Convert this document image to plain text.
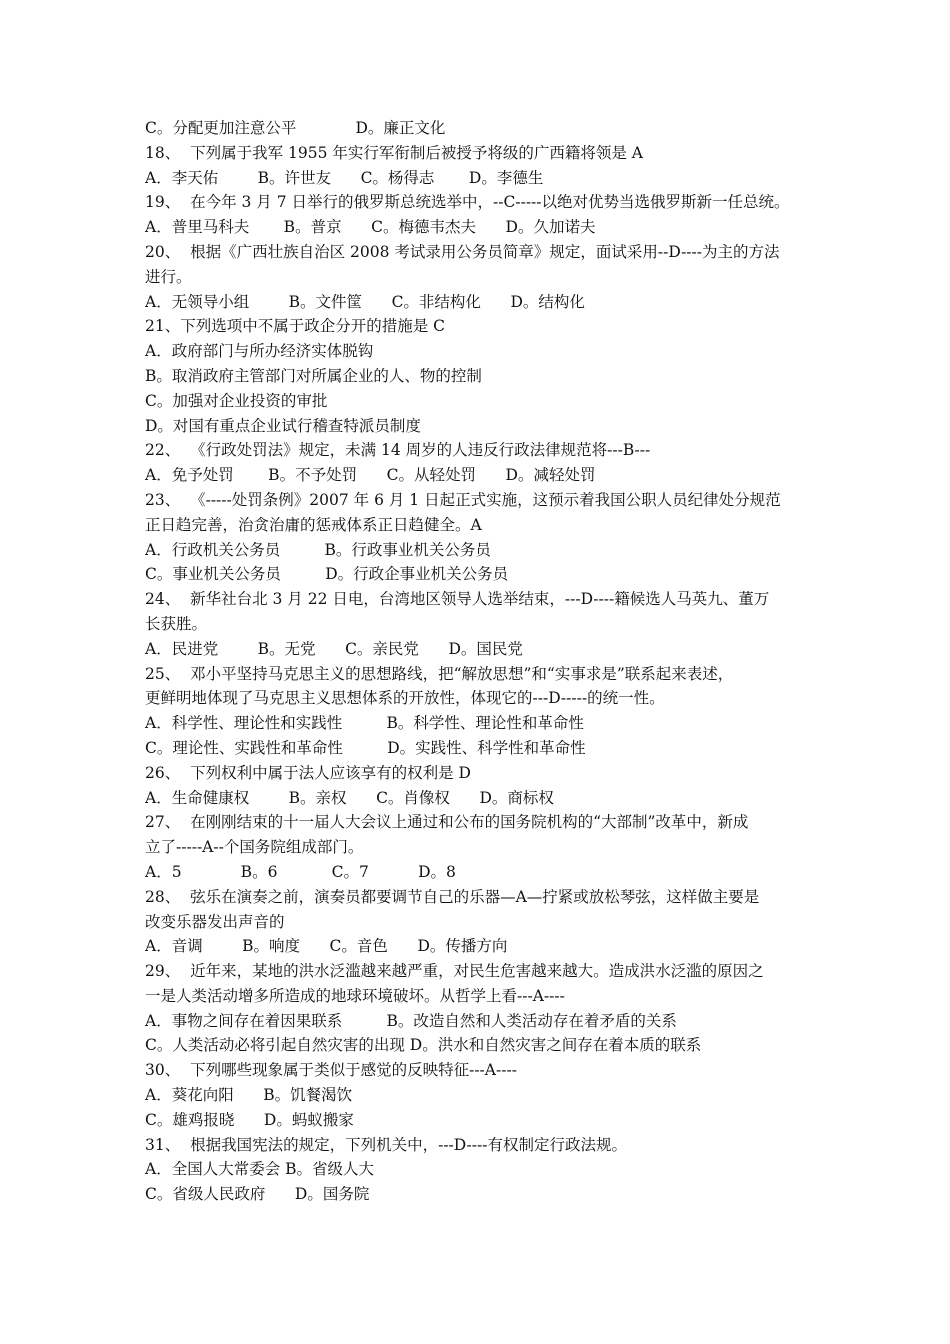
C。分配更加注意公平            D。廉正文化
18、  下列属于我军 1955 年实行军衔制后被授予将级的广西籍将领是 A
A．李天佑        B。许世友      C。杨得志       D。李德生
19、  在今年 3 月 7 日举行的俄罗斯总统选举中，--C-----以绝对优势当选俄罗斯新一任总统。
A．普里马科夫       B。普京      C。梅德韦杰夫      D。久加诺夫
20、  根据《广西壮族自治区 2008 考试录用公务员简章》规定，面试采用--D----为主的方法
进行。
A．无领导小组        B。文件筐      C。非结构化      D。结构化
21、下列选项中不属于政企分开的措施是 C
A．政府部门与所办经济实体脱钩
B。取消政府主管部门对所属企业的人、物的控制
C。加强对企业投资的审批
D。对国有重点企业试行稽查特派员制度
22、  《行政处罚法》规定，未满 14 周岁的人违反行政法律规范将---B---
A．免予处罚       B。不予处罚      C。从轻处罚      D。减轻处罚
23、  《-----处罚条例》2007 年 6 月 1 日起正式实施，这预示着我国公职人员纪律处分规范
正日趋完善，治贪治庸的惩戒体系正日趋健全。A
A．行政机关公务员         B。行政事业机关公务员
C。事业机关公务员         D。行政企事业机关公务员
24、  新华社台北 3 月 22 日电，台湾地区领导人选举结束，---D----籍候选人马英九、董万
长获胜。
A．民进党        B。无党      C。亲民党      D。国民党
25、  邓小平坚持马克思主义的思想路线，把“解放思想”和“实事求是”联系起来表述，
更鲜明地体现了马克思主义思想体系的开放性，体现它的---D-----的统一性。
A．科学性、理论性和实践性         B。科学性、理论性和革命性
C。理论性、实践性和革命性         D。实践性、科学性和革命性
26、  下列权利中属于法人应该享有的权利是 D
A．生命健康权        B。亲权      C。肖像权      D。商标权
27、  在刚刚结束的十一届人大会议上通过和公布的国务院机构的“大部制”改革中，新成
立了-----A--个国务院组成部门。
A．5            B。6           C。7          D。8
28、  弦乐在演奏之前，演奏员都要调节自己的乐器—A—拧紧或放松琴弦，这样做主要是
改变乐器发出声音的
A．音调        B。响度      C。音色      D。传播方向
29、  近年来，某地的洪水泛滥越来越严重，对民生危害越来越大。造成洪水泛滥的原因之
一是人类活动增多所造成的地球环境破坏。从哲学上看---A----
A．事物之间存在着因果联系         B。改造自然和人类活动存在着矛盾的关系
C。人类活动必将引起自然灾害的出现 D。洪水和自然灾害之间存在着本质的联系
30、  下列哪些现象属于类似于感觉的反映特征---A----
A．葵花向阳      B。饥餐渴饮
C。雄鸡报晓      D。蚂蚁搬家
31、  根据我国宪法的规定，下列机关中，---D----有权制定行政法规。
A．全国人大常委会 B。省级人大
C。省级人民政府      D。国务院
